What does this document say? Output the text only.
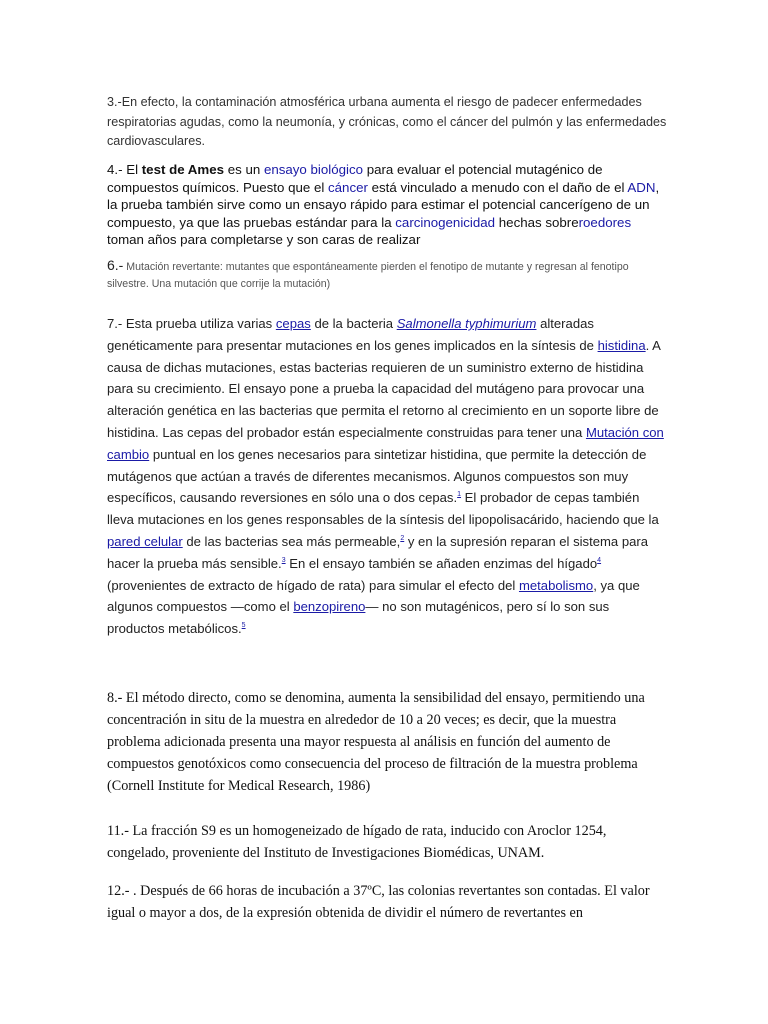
3.-En efecto, la contaminación atmosférica urbana aumenta el riesgo de padecer enfermedades respiratorias agudas, como la neumonía, y crónicas, como el cáncer del pulmón y las enfermedades cardiovasculares.

4.- El test de Ames es un ensayo biológico para evaluar el potencial mutagénico de compuestos químicos. Puesto que el cáncer está vinculado a menudo con el daño de el ADN, la prueba también sirve como un ensayo rápido para estimar el potencial cancerígeno de un compuesto, ya que las pruebas estándar para la carcinogenicidad hechas sobreroedores toman años para completarse y son caras de realizar

6.- Mutación revertante: mutantes que espontáneamente pierden el fenotipo de mutante y regresan al fenotipo silvestre. Una mutación que corrije la mutación)

7.- Esta prueba utiliza varias cepas de la bacteria Salmonella typhimurium alteradas genéticamente para presentar mutaciones en los genes implicados en la síntesis de histidina. A causa de dichas mutaciones, estas bacterias requieren de un suministro externo de histidina para su crecimiento. El ensayo pone a prueba la capacidad del mutágeno para provocar una alteración genética en las bacterias que permita el retorno al crecimiento en un soporte libre de histidina. Las cepas del probador están especialmente construidas para tener una Mutación con cambio puntual en los genes necesarios para sintetizar histidina, que permite la detección de mutágenos que actúan a través de diferentes mecanismos. Algunos compuestos son muy específicos, causando reversiones en sólo una o dos cepas.$^1$ El probador de cepas también lleva mutaciones en los genes responsables de la síntesis del lipopolisacárido, haciendo que la pared celular de las bacterias sea más permeable,$^2$ y en la supresión reparan el sistema para hacer la prueba más sensible.$^3$ En el ensayo también se añaden enzimas del hígado$^4$ (provenientes de extracto de hígado de rata) para simular el efecto del metabolismo, ya que algunos compuestos —como el benzopireno— no son mutagénicos, pero sí lo son sus productos metabólicos.$^5$

8.- El método directo, como se denomina, aumenta la sensibilidad del ensayo, permitiendo una concentración in situ de la muestra en alrededor de 10 a 20 veces; es decir, que la muestra problema adicionada presenta una mayor respuesta al análisis en función del aumento de compuestos genotóxicos como consecuencia del proceso de filtración de la muestra problema (Cornell Institute for Medical Research, 1986)

11.- La fracción S9 es un homogeneizado de hígado de rata, inducido con Aroclor 1254, congelado, proveniente del Instituto de Investigaciones Biomédicas, UNAM.

12.- . Después de 66 horas de incubación a 37ºC, las colonias revertantes son contadas. El valor igual o mayor a dos, de la expresión obtenida de dividir el número de revertantes en
